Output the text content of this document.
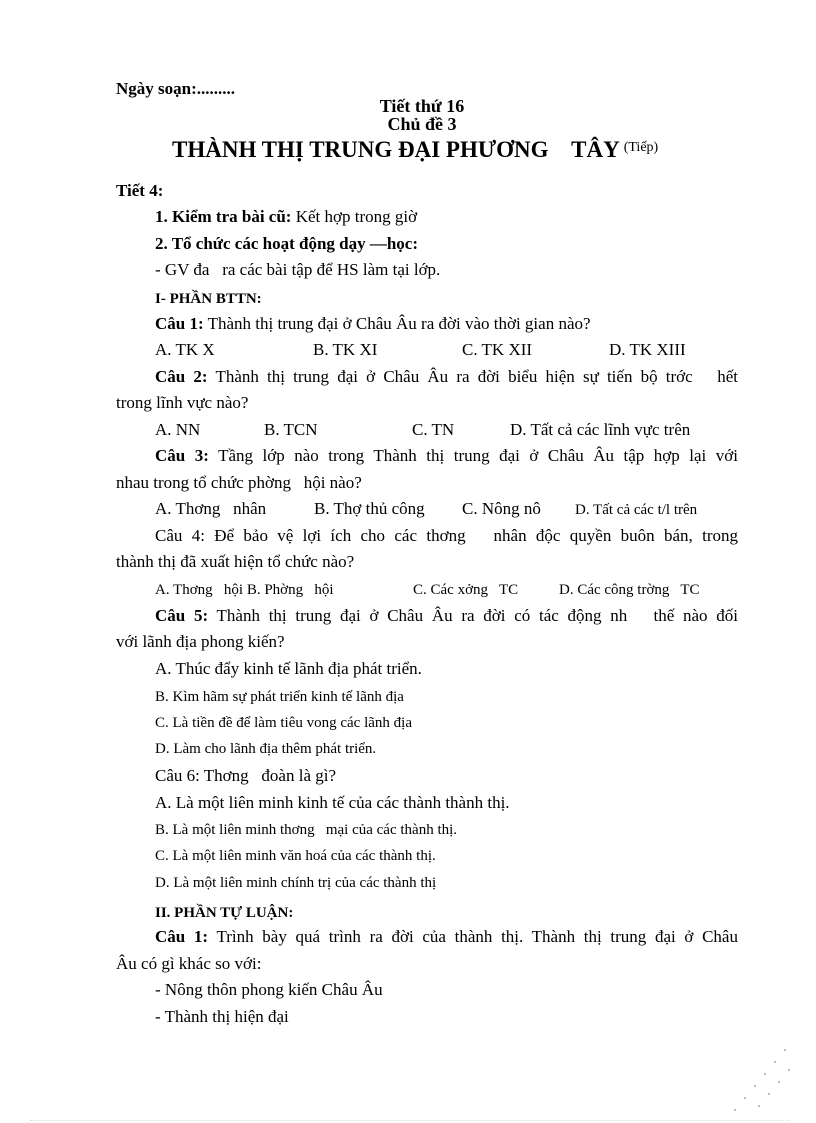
Ngày soạn:.........
Tiết thứ 16
Chủ đề 3
THÀNH THỊ TRUNG ĐẠI PHƯƠNG    TÂY $^{(Tiếp)}$
Tiết 4:
1. Kiểm tra bài cũ: Kết hợp trong giờ
2. Tổ chức các hoạt động dạy —học:
- GV đa   ra các bài tập để HS làm tại lớp.
I- PHẦN BTTN:
Câu 1: Thành thị trung đại ở Châu Âu ra đời vào thời gian nào?
A. TK X	B. TK XI	C. TK XII	D. TK XIII
Câu 2: Thành thị trung đại ở Châu Âu ra đời biểu hiện sự tiến bộ trớc   hết
trong lĩnh vực nào?
A. NN	B. TCN	C. TN	D. Tất cả các lĩnh vực trên
Câu 3: Tầng lớp nào trong Thành thị trung đại ở Châu Âu tập hợp lại với
nhau trong tổ chức phờng   hội nào?
A. Thơng   nhân	B. Thợ thủ công C. Nông nô D. Tất cả các t/l trên
Câu 4: Để bảo vệ lợi ích cho các thơng   nhân độc quyền buôn bán, trong
thành thị đã xuất hiện tổ chức nào?
A. Thơng   hội B. Phờng   hội	C. Các xởng   TC	D. Các công trờng   TC
Câu 5: Thành thị trung đại ở Châu Âu ra đời có tác động nh   thế nào đối
với lãnh địa phong kiến?
A. Thúc đẩy kinh tế lãnh địa phát triển.
B. Kìm hãm sự phát triển kinh tế lãnh địa
C. Là tiền đề để làm tiêu vong các lãnh địa
D. Làm cho lãnh địa thêm phát triển.
Câu 6: Thơng   đoàn là gì?
A. Là một liên minh kinh tế của các thành thành thị.
B. Là một liên minh thơng   mại của các thành thị.
C. Là một liên minh văn hoá của các thành thị.
D. Là một liên minh chính trị của các thành thị
II. PHẦN TỰ LUẬN:
Câu 1: Trình bày quá trình ra đời của thành thị. Thành thị trung đại ở Châu
Âu có gì khác so với:
- Nông thôn phong kiến Châu Âu
- Thành thị hiện đại
